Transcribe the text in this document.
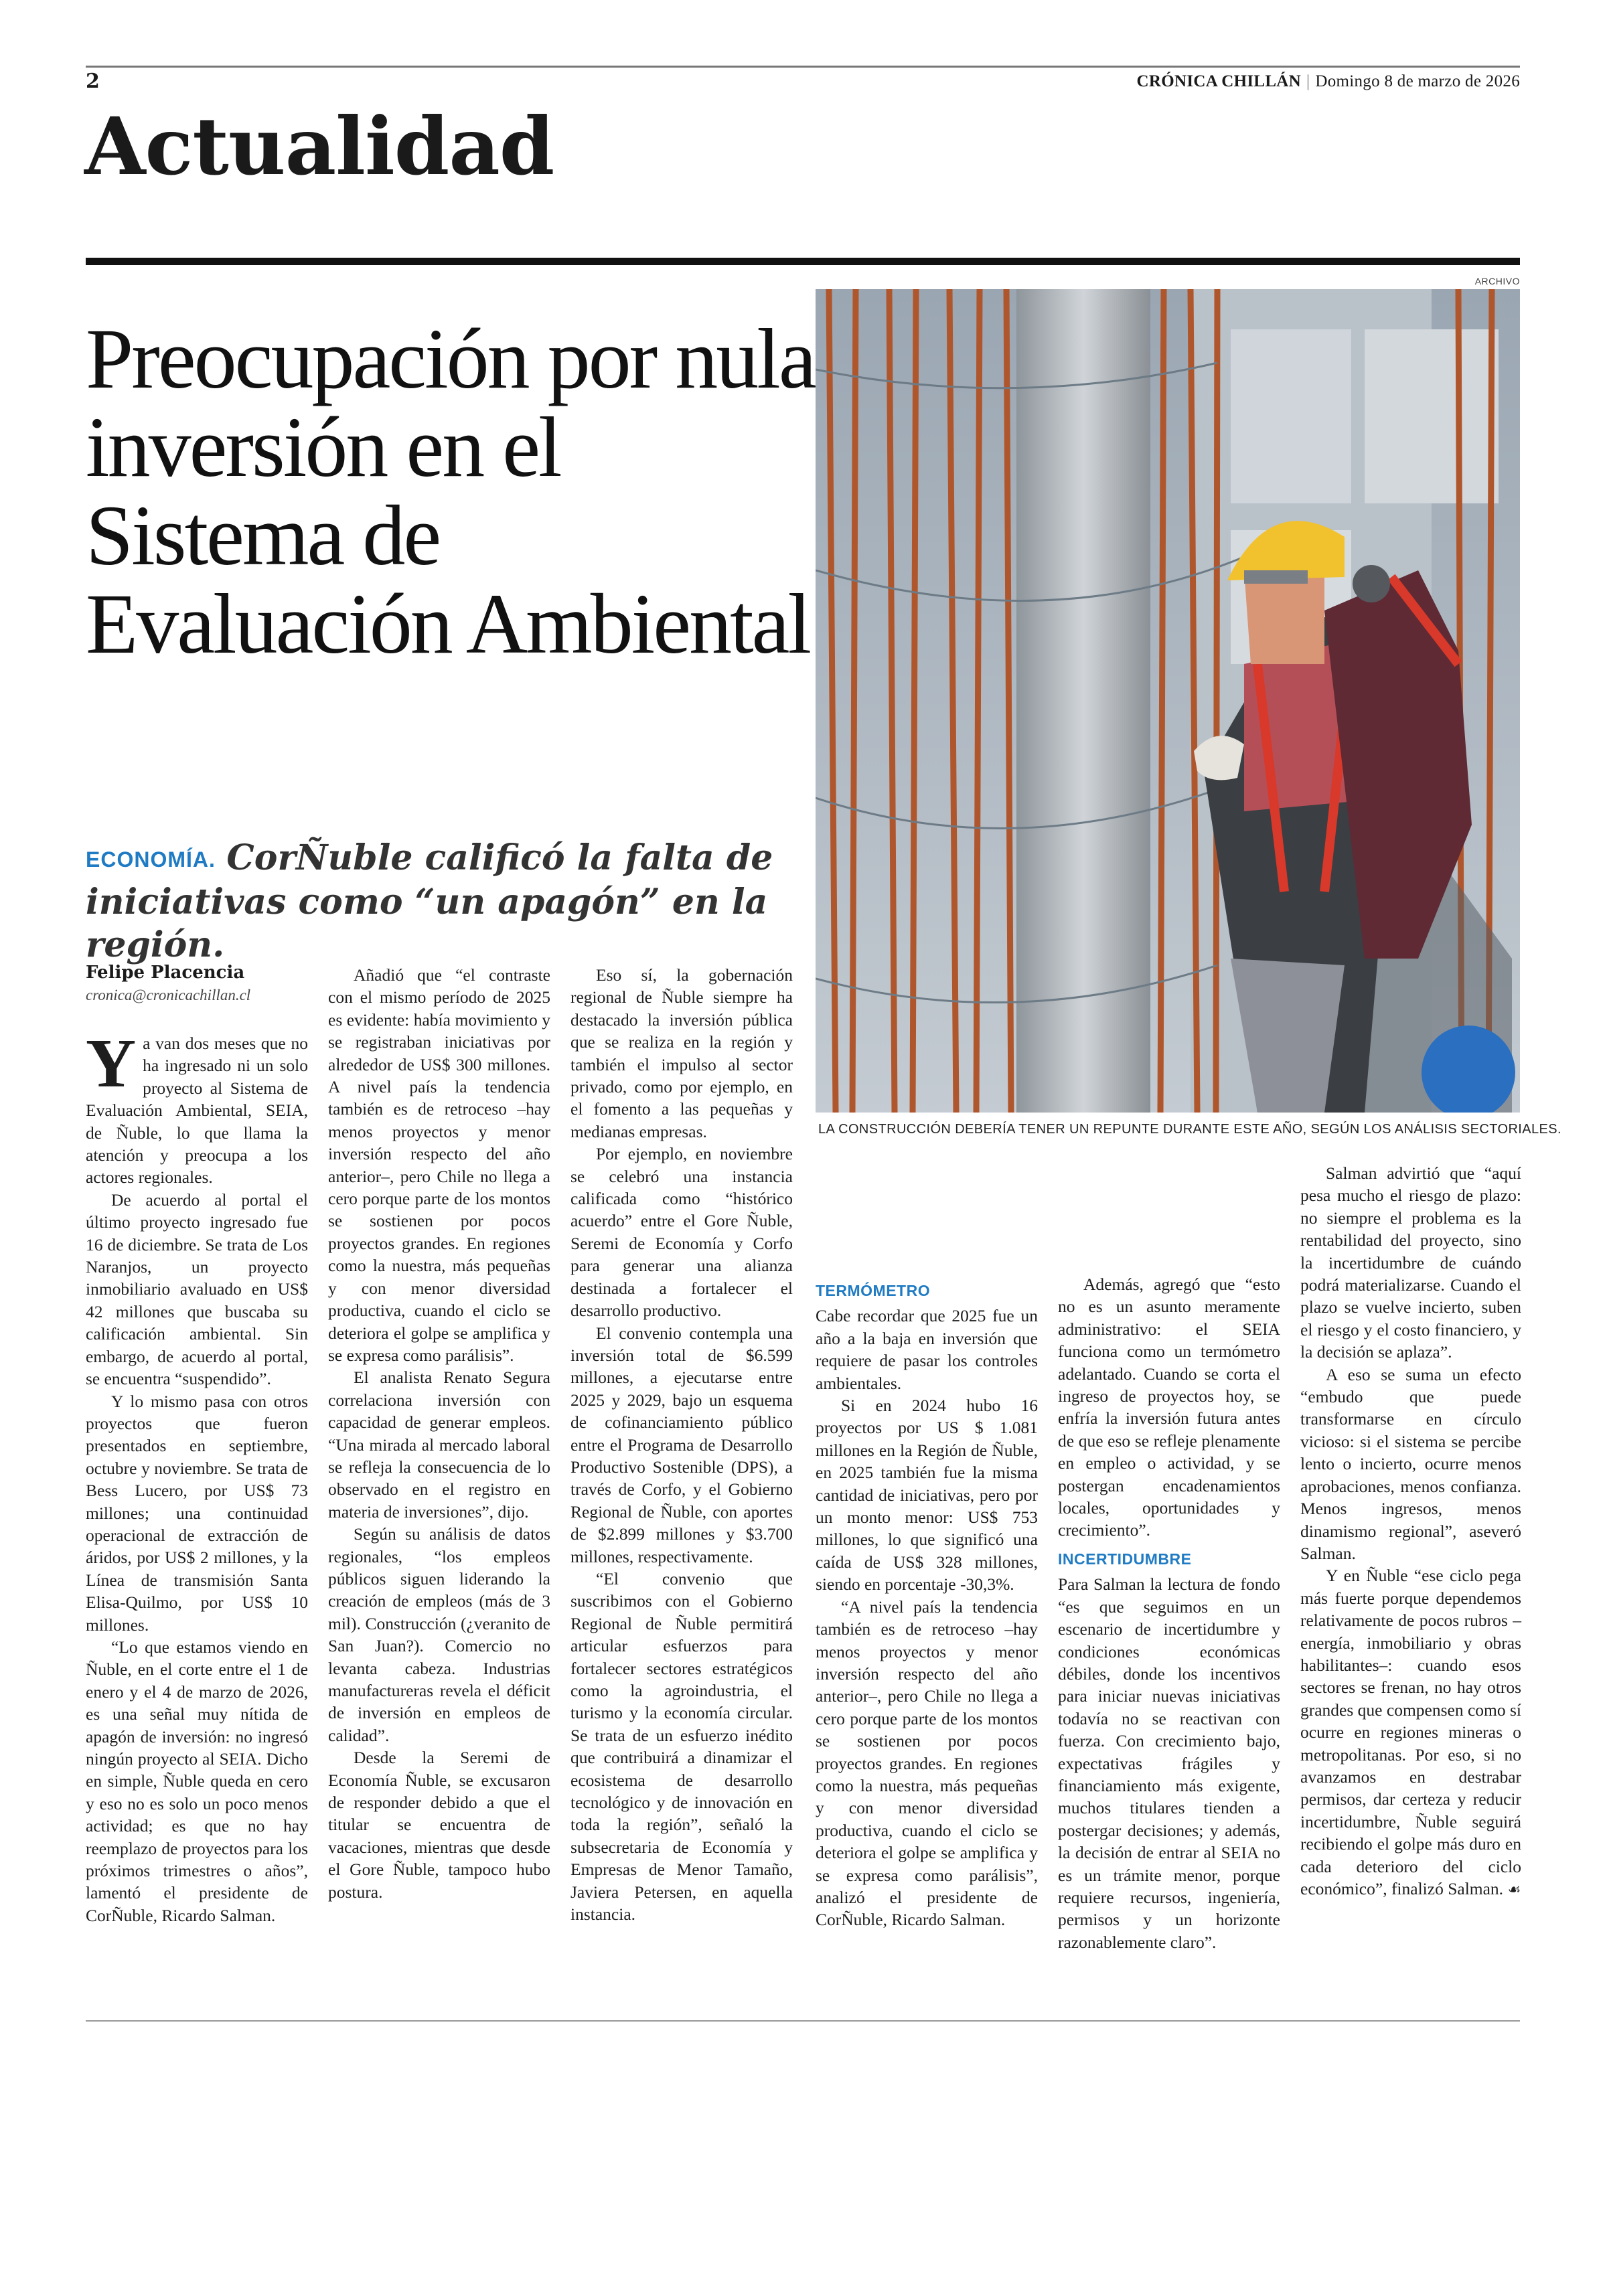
2	CRÓNICA CHILLÁN | Domingo 8 de marzo de 2026
Actualidad
Preocupación por nula inversión en el Sistema de Evaluación Ambiental
ECONOMÍA. CorÑuble calificó la falta de iniciativas como “un apagón” en la región.
Felipe Placencia
cronica@cronicachillan.cl
ARCHIVO
LA CONSTRUCCIÓN DEBERÍA TENER UN REPUNTE DURANTE ESTE AÑO, SEGÚN LOS ANÁLISIS SECTORIALES.

Ya van dos meses que no ha ingresado ni un solo proyecto al Sistema de Evaluación Ambiental, SEIA, de Ñuble, lo que llama la atención y preocupa a los actores regionales.

De acuerdo al portal el último proyecto ingresado fue 16 de diciembre. Se trata de Los Naranjos, un proyecto inmobiliario avaluado en US$ 42 millones que buscaba su calificación ambiental. Sin embargo, de acuerdo al portal, se encuentra “suspendido”.

Y lo mismo pasa con otros proyectos que fueron presentados en septiembre, octubre y noviembre. Se trata de Bess Lucero, por US$ 73 millones; una continuidad operacional de extracción de áridos, por US$ 2 millones, y la Línea de transmisión Santa Elisa-Quilmo, por US$ 10 millones.

“Lo que estamos viendo en Ñuble, en el corte entre el 1 de enero y el 4 de marzo de 2026, es una señal muy nítida de apagón de inversión: no ingresó ningún proyecto al SEIA. Dicho en simple, Ñuble queda en cero y eso no es solo un poco menos actividad; es que no hay reemplazo de proyectos para los próximos trimestres o años”, lamentó el presidente de CorÑuble, Ricardo Salman.

Añadió que “el contraste con el mismo período de 2025 es evidente: había movimiento y se registraban iniciativas por alrededor de US$ 300 millones. A nivel país la tendencia también es de retroceso –hay menos proyectos y menor inversión respecto del año anterior–, pero Chile no llega a cero porque parte de los montos se sostienen por pocos proyectos grandes. En regiones como la nuestra, más pequeñas y con menor diversidad productiva, cuando el ciclo se deteriora el golpe se amplifica y se expresa como parálisis”.

El analista Renato Segura correlaciona inversión con capacidad de generar empleos. “Una mirada al mercado laboral se refleja la consecuencia de lo observado en el registro en materia de inversiones”, dijo.

Según su análisis de datos regionales, “los empleos públicos siguen liderando la creación de empleos (más de 3 mil). Construcción (¿veranito de San Juan?). Comercio no levanta cabeza. Industrias manufactureras revela el déficit de inversión en empleos de calidad”.

Desde la Seremi de Economía Ñuble, se excusaron de responder debido a que el titular se encuentra de vacaciones, mientras que desde el Gore Ñuble, tampoco hubo postura.

Eso sí, la gobernación regional de Ñuble siempre ha destacado la inversión pública que se realiza en la región y también el impulso al sector privado, como por ejemplo, en el fomento a las pequeñas y medianas empresas.

Por ejemplo, en noviembre se celebró una instancia calificada como “histórico acuerdo” entre el Gore Ñuble, Seremi de Economía y Corfo para generar una alianza destinada a fortalecer el desarrollo productivo.

El convenio contempla una inversión total de $6.599 millones, a ejecutarse entre 2025 y 2029, bajo un esquema de cofinanciamiento público entre el Programa de Desarrollo Productivo Sostenible (DPS), a través de Corfo, y el Gobierno Regional de Ñuble, con aportes de $2.899 millones y $3.700 millones, respectivamente.

“El convenio que suscribimos con el Gobierno Regional de Ñuble permitirá articular esfuerzos para fortalecer sectores estratégicos como la agroindustria, el turismo y la economía circular. Se trata de un esfuerzo inédito que contribuirá a dinamizar el ecosistema de desarrollo tecnológico y de innovación en toda la región”, señaló la subsecretaria de Economía y Empresas de Menor Tamaño, Javiera Petersen, en aquella instancia.

TERMÓMETRO

Cabe recordar que 2025 fue un año a la baja en inversión que requiere de pasar los controles ambientales.

Si en 2024 hubo 16 proyectos por US $ 1.081 millones en la Región de Ñuble, en 2025 también fue la misma cantidad de iniciativas, pero por un monto menor: US$ 753 millones, lo que significó una caída de US$ 328 millones, siendo en porcentaje -30,3%.

“A nivel país la tendencia también es de retroceso –hay menos proyectos y menor inversión respecto del año anterior–, pero Chile no llega a cero porque parte de los montos se sostienen por pocos proyectos grandes. En regiones como la nuestra, más pequeñas y con menor diversidad productiva, cuando el ciclo se deteriora el golpe se amplifica y se expresa como parálisis”, analizó el presidente de CorÑuble, Ricardo Salman.

Además, agregó que “esto no es un asunto meramente administrativo: el SEIA funciona como un termómetro adelantado. Cuando se corta el ingreso de proyectos hoy, se enfría la inversión futura antes de que eso se refleje plenamente en empleo o actividad, y se postergan encadenamientos locales, oportunidades y crecimiento”.

INCERTIDUMBRE

Para Salman la lectura de fondo “es que seguimos en un escenario de incertidumbre y condiciones económicas débiles, donde los incentivos para iniciar nuevas iniciativas todavía no se reactivan con fuerza. Con crecimiento bajo, expectativas frágiles y financiamiento más exigente, muchos titulares tienden a postergar decisiones; y además, la decisión de entrar al SEIA no es un trámite menor, porque requiere recursos, ingeniería, permisos y un horizonte razonablemente claro”.

Salman advirtió que “aquí pesa mucho el riesgo de plazo: no siempre el problema es la rentabilidad del proyecto, sino la incertidumbre de cuándo podrá materializarse. Cuando el plazo se vuelve incierto, suben el riesgo y el costo financiero, y la decisión se aplaza”.

A eso se suma un efecto “embudo que puede transformarse en círculo vicioso: si el sistema se percibe lento o incierto, ocurre menos aprobaciones, menos confianza. Menos ingresos, menos dinamismo regional”, aseveró Salman.

Y en Ñuble “ese ciclo pega más fuerte porque dependemos relativamente de pocos rubros –energía, inmobiliario y obras habilitantes–: cuando esos sectores se frenan, no hay otros grandes que compensen como sí ocurre en regiones mineras o metropolitanas. Por eso, si no avanzamos en destrabar permisos, dar certeza y reducir incertidumbre, Ñuble seguirá recibiendo el golpe más duro en cada deterioro del ciclo económico”, finalizó Salman. ☙
